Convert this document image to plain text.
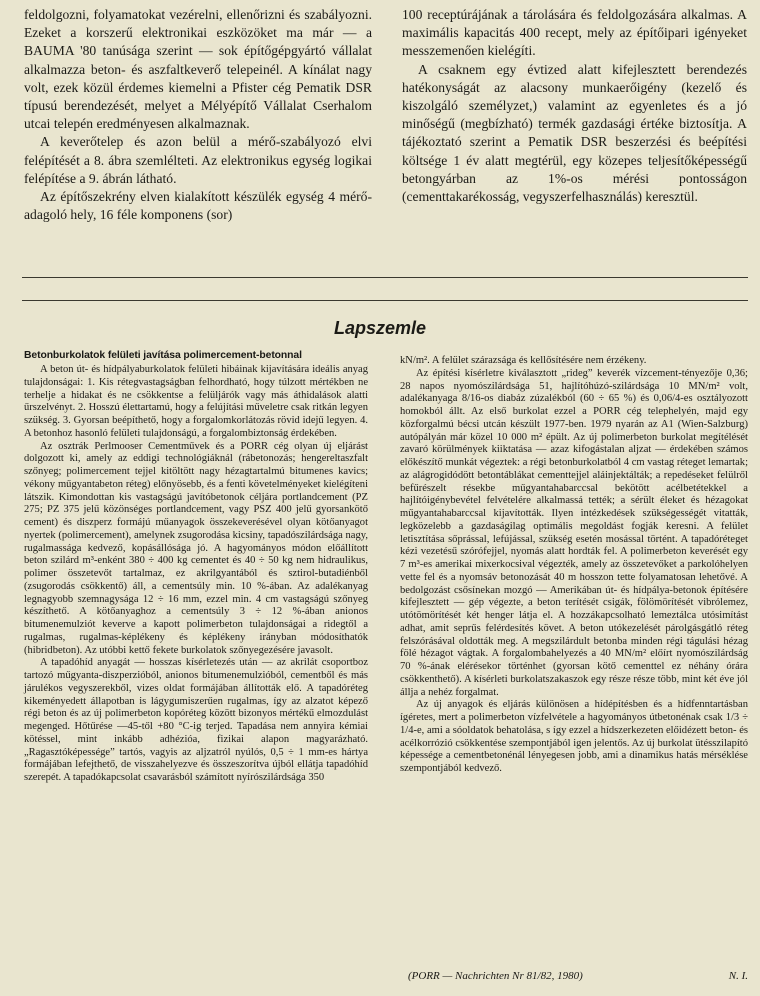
feldolgozni, folyamatokat vezérelni, ellenőrizni és szabályozni. Ezeket a korszerű elektronikai eszközöket ma már — a BAUMA '80 tanúsága szerint — sok építőgépgyártó vállalat alkalmazza beton- és aszfaltkeverő telepeinél. A kínálat nagy volt, ezek közül érdemes kiemelni a Pfister cég Pematik DSR típusú berendezését, melyet a Mélyépítő Vállalat Cserhalom utcai telepén eredményesen alkalmaznak.

A keverőtelep és azon belül a mérő-szabályozó elvi felépítését a 8. ábra szemlélteti. Az elektronikus egység logikai felépítése a 9. ábrán látható.

Az építőszekrény elven kialakított készülék egység 4 mérő-adagoló hely, 16 féle komponens (sor)

100 receptúrájának a tárolására és feldolgozására alkalmas. A maximális kapacitás 400 recept, mely az építőipari igényeket messzemenően kielégíti.

A csaknem egy évtized alatt kifejlesztett berendezés hatékonyságát az alacsony munkaerőigény (kezelő és kiszolgáló személyzet,) valamint az egyenletes és a jó minőségű (megbízható) termék gazdasági értéke biztosítja. A tájékoztató szerint a Pematik DSR beszerzési és beépítési költsége 1 év alatt megtérül, egy közepes teljesítőképességű betongyárban az 1%-os mérési pontosságon (cementtakarékosság, vegyszerfelhasználás) keresztül.

Lapszemle
Betonburkolatok felületi javítása polimercement-betonnal

A beton út- és hídpályaburkolatok felületi hibáinak kijavítására ideális anyag tulajdonságai: 1. Kis rétegvastagságban felhordható, hogy túlzott mértékben ne terhelje a hidakat és ne csökkentse a felüljárók vagy más áthidalások alatti űrszelvényt. 2. Hosszú élettartamú, hogy a felújítási műveletre csak ritkán legyen szükség. 3. Gyorsan beépíthető, hogy a forgalomkorlátozás rövid idejű legyen. 4. A betonhoz hasonló felületi tulajdonságú, a forgalombiztonság érdekében.

Az osztrák Perlmooser Cementművek és a PORR cég olyan új eljárást dolgozott ki, amely az eddigi technológiáknál (rábetonozás; hengereltaszfalt szőnyeg; polimercement tejjel kitöltött nagy hézagtartalmú bitumenes kavics; vékony műgyantabeton réteg) előnyösebb, és a fenti követelményeket kielégíteni látszik. Kimondottan kis vastagságú javítóbetonok céljára portlandcement (PZ 275; PZ 375 jelű közönséges portlandcement, vagy PSZ 400 jelű gyorsankötő cement) és diszperz formájú műanyagok összekeverésével olyan kötőanyagot nyertek (polimercement), amelynek zsugorodása kicsiny, tapadószilárdsága nagy, rugalmassága kedvező, kopásállósága jó. A hagyományos módon előállított beton szilárd m³-enként 380 ÷ 400 kg cementet és 40 ÷ 50 kg nem hidraulikus, polimer összetevőt tartalmaz, ez akrilgyantából és sztirol-butadiénből (zsugorodás csökkentő) áll, a cementsúly min. 10 %-ában. Az adalékanyag legnagyobb szemnagysága 12 ÷ 16 mm, ezzel min. 4 cm vastagságú szőnyeg készíthető. A kötőanyaghoz a cementsúly 3 ÷ 12 %-ában anionos bitumenemulziót keverve a kapott polimerbeton tulajdonságai a ridegtől a rugalmas, rugalmas-képlékeny és képlékeny irányban módosíthatók (hibridbeton). Az utóbbi kettő fekete burkolatok szőnyegezésére javasolt.

A tapadóhíd anyagát — hosszas kísérletezés után — az akrilát csoportboz tartozó műgyanta-diszperzióból, anionos bitumenemulzióból, cementből és más járulékos vegyszerekből, vizes oldat formájában állították elő. A tapadóréteg kikeményedett állapotban is lágygumiszerűen rugalmas, így az alzatot képező régi beton és az új polimerbeton kopóréteg között bizonyos mértékű elmozdulást megenged. Hőtűrése —45-től +80 °C-ig terjed. Tapadása nem annyira kémiai kötéssel, mint inkább adhézióa, fizikai alapon magyarázható. „Ragasztóképessége” tartós, vagyis az aljzatról nyúlós, 0,5 ÷ 1 mm-es hártya formájában lefejthető, de visszahelyezve és összeszorítva újból ellátja tapadóhíd szerepét. A tapadókapcsolat csavarásból számított nyírószilárdsága 350

kN/m². A felület szárazsága és kellősítésére nem érzékeny.

Az építési kísérletre kiválasztott „rideg” keverék vízcement-tényezője 0,36; 28 napos nyomószilárdsága 51, hajlítóhúzó-szilárdsága 10 MN/m² volt, adalékanyaga 8/16-os diabáz zúzalékból (60 ÷ 65 %) és 0,06/4-es osztályozott homokból állt. Az első burkolat ezzel a PORR cég telephelyén, majd egy közforgalmú bécsi utcán készült 1977-ben. 1979 nyarán az A1 (Wien-Salzburg) autópályán már közel 10 000 m² épült. Az új polimerbeton burkolat megítélését zavaró körülmények kiiktatása — azaz kifogástalan aljzat — érdekében számos előkészítő munkát végeztek: a régi betonburkolatból 4 cm vastag réteget lemartak; az alágrogidódött betontáblákat cementtejjel aláinjektálták; a repedéseket felülről befűrészelt résekbe műgyantahabarccsal bekötött acélbetétekkel a hajlítóigénybevétel felvételére alkalmassá tették; a sérült éleket és hézagokat műgyantahabarccsal kijavították. Ilyen intézkedések szükségességét vitatták, legközelebb a gazdaságilag optimális megoldást fogják keresni. A felület letisztítása sőprással, lefújással, szükség esetén mosással történt. A tapadóréteget kézi vezetésű szórófejjel, nyomás alatt hordták fel. A polimerbeton keverését egy 7 m³-es amerikai mixerkocsival végezték, amely az összetevőket a parkolóhelyen vette fel és a nyomsáv betonozását 40 m hosszon tette folyamatosan lehetővé. A bedolgozást csősínekan mozgó — Amerikában út- és hídpálya-betonok építésére kifejlesztett — gép végezte, a beton terítését csigák, fölömörítését vibrólemez, utótömörítését két henger látja el. A hozzákapcsolható lemeztálca utósimítást adhat, amit seprűs felérdesítés követ. A beton utókezelését párolgásgátló réteg felszórásával oldották meg. A megszilárdult betonba minden régi tágulási hézag fölé hézagot vágtak. A forgalombahelyezés a 40 MN/m² előírt nyomószilárdság 70 %-ának elérésekor történhet (gyorsan kötő cementtel ez néhány órára csökkenthető). A kísérleti burkolatszakaszok egy része része több, mint két éve jól állja a nehéz forgalmat.

Az új anyagok és eljárás különösen a hídépítésben és a hídfenntartásban ígéretes, mert a polimerbeton vízfelvétele a hagyományos útbetonénak csak 1/3 ÷ 1/4-e, ami a sóoldatok behatolása, s így ezzel a hídszerkezeten előidézett beton- és acélkorrózió csökkentése szempontjából igen jelentős. Az új burkolat ütésszilapító képessége a cementbetonénál lényegesen jobb, ami a dinamikus hatás mérséklése szempontjából kedvező.

(PORR — Nachrichten Nr 81/82, 1980)	N. I.
